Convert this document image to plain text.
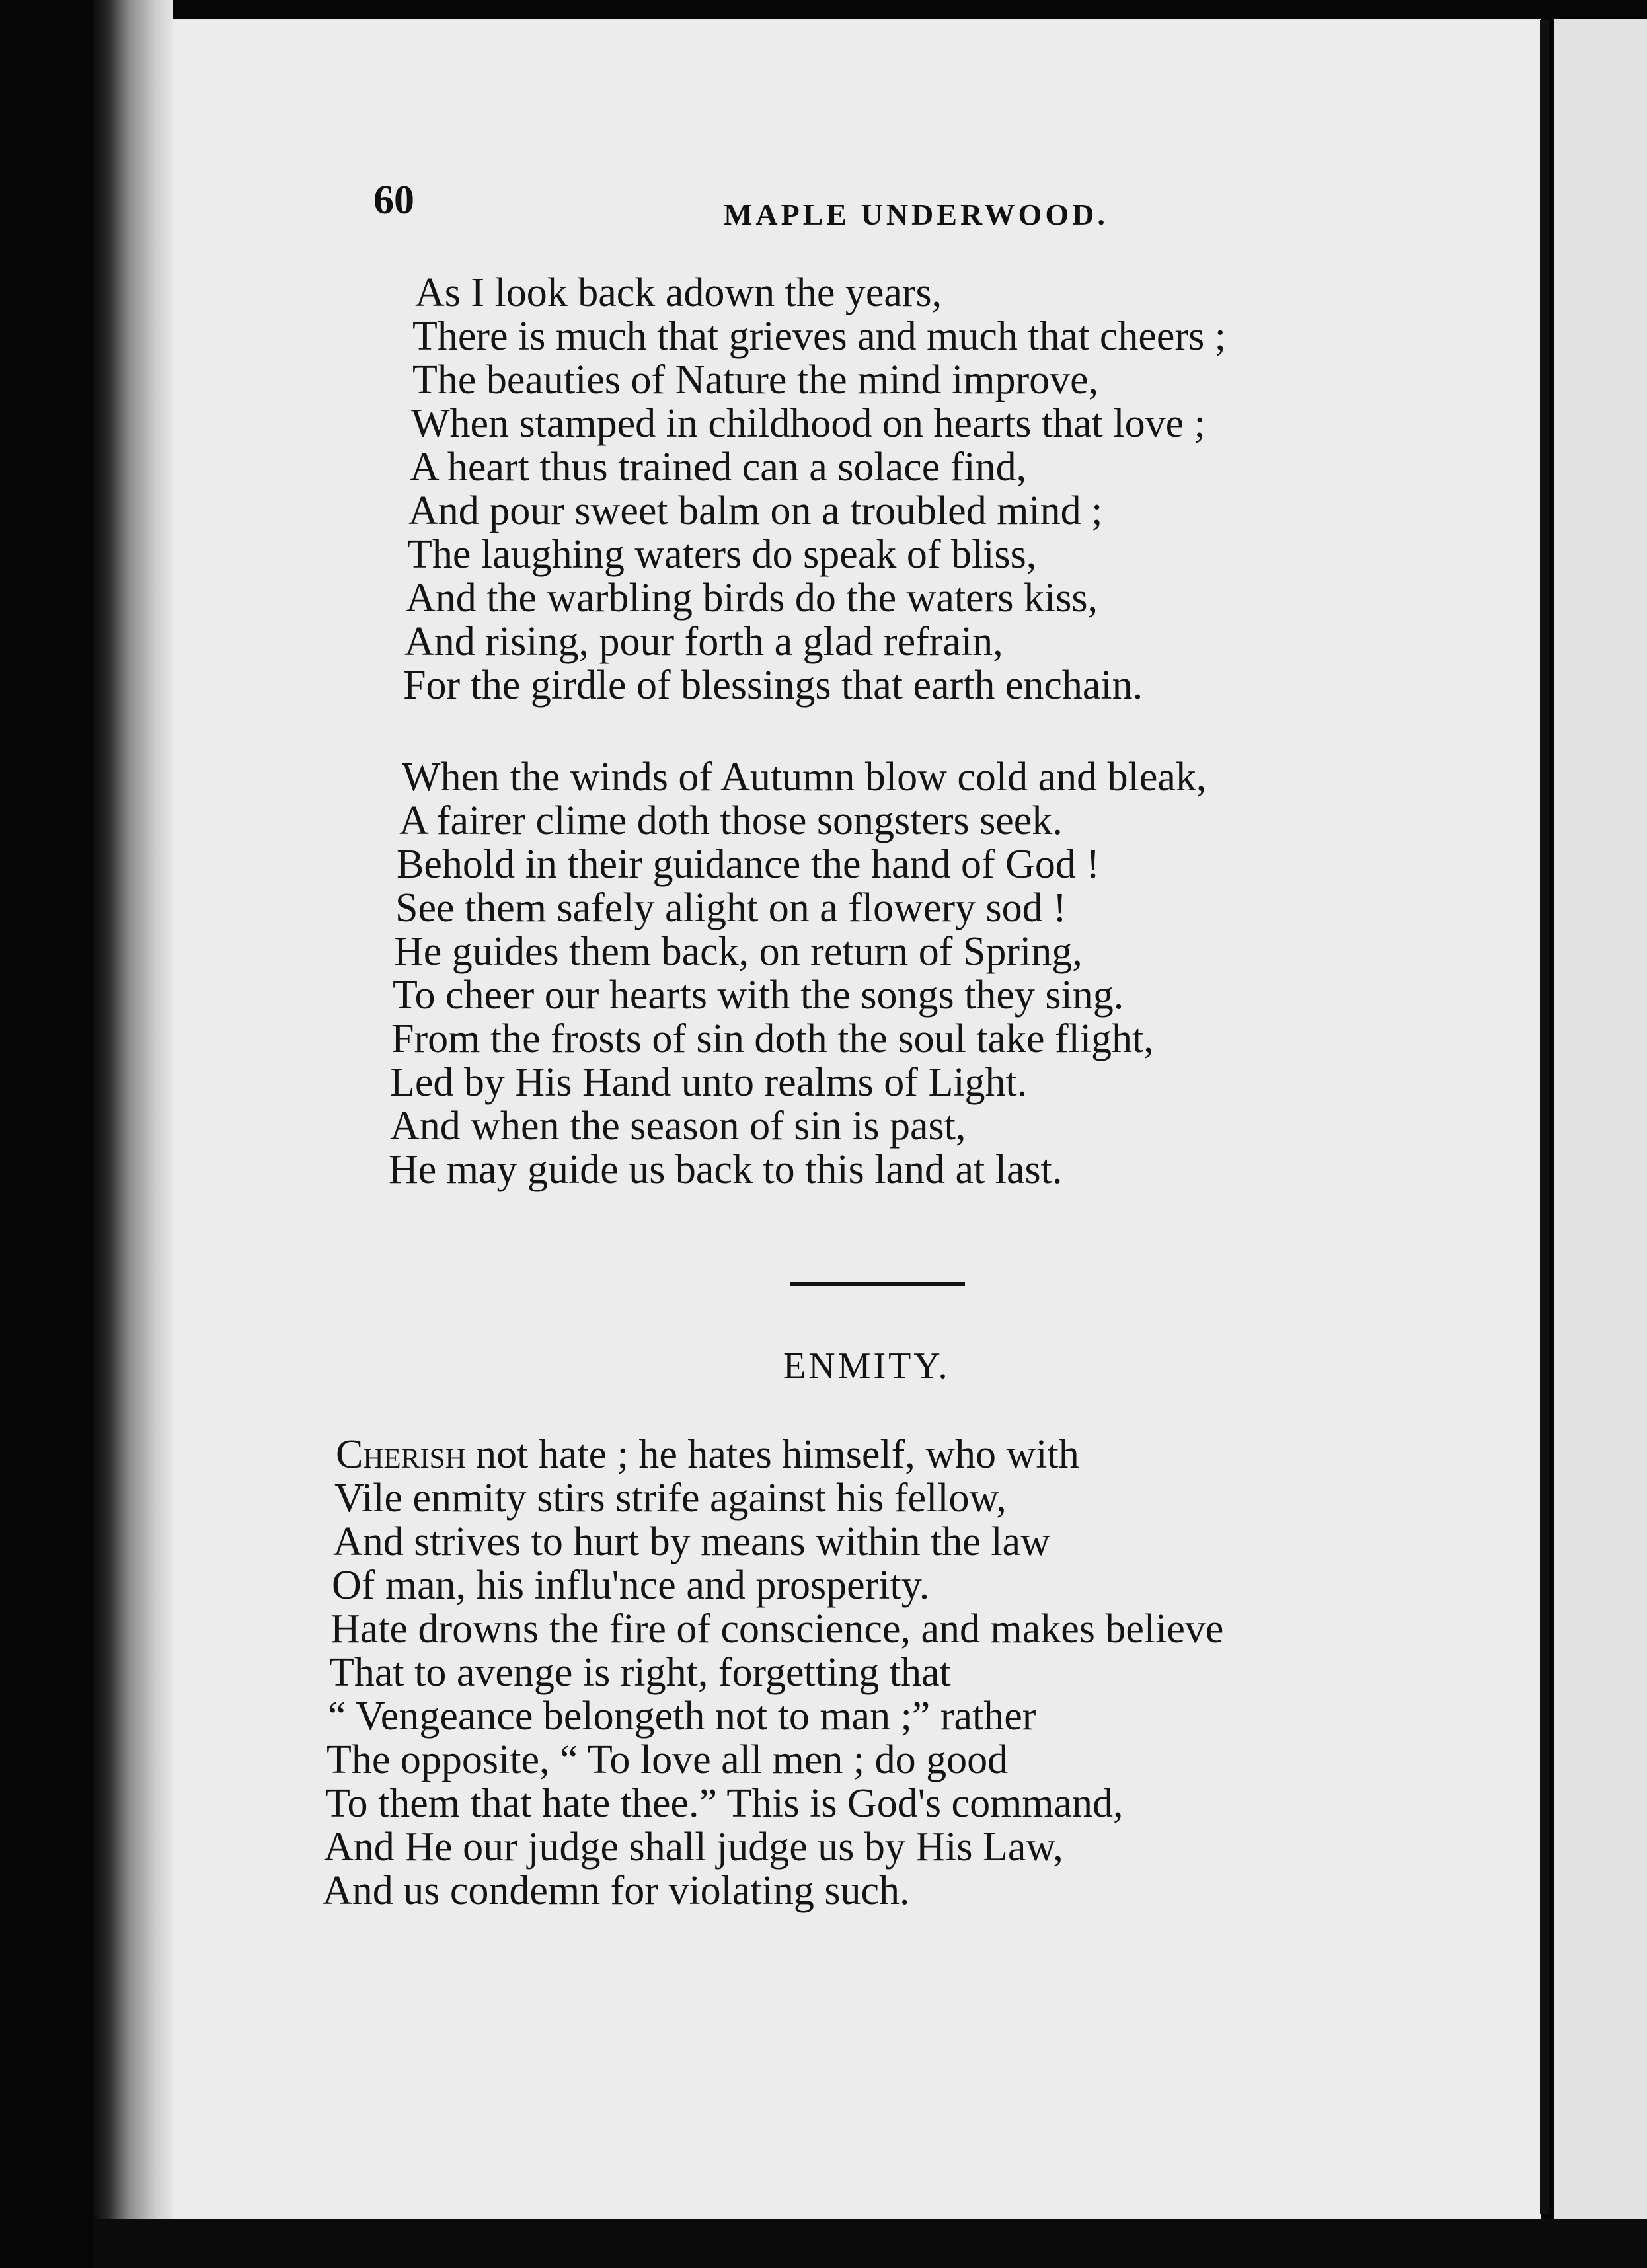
60	MAPLE UNDERWOOD.
As I look back adown the years,
There is much that grieves and much that cheers ;
The beauties of Nature the mind improve,
When stamped in childhood on hearts that love ;
A heart thus trained can a solace find,
And pour sweet balm on a troubled mind ;
The laughing waters do speak of bliss,
And the warbling birds do the waters kiss,
And rising, pour forth a glad refrain,
For the girdle of blessings that earth enchain.
When the winds of Autumn blow cold and bleak,
A fairer clime doth those songsters seek.
Behold in their guidance the hand of God !
See them safely alight on a flowery sod !
He guides them back, on return of Spring,
To cheer our hearts with the songs they sing.
From the frosts of sin doth the soul take flight,
Led by His Hand unto realms of Light.
And when the season of sin is past,
He may guide us back to this land at last.
ENMITY.
Cherish not hate ; he hates himself, who with
Vile enmity stirs strife against his fellow,
And strives to hurt by means within the law
Of man, his influ'nce and prosperity.
Hate drowns the fire of conscience, and makes believe
That to avenge is right, forgetting that
“ Vengeance belongeth not to man ;” rather
The opposite, “ To love all men ; do good
To them that hate thee.” This is God's command,
And He our judge shall judge us by His Law,
And us condemn for violating such.
